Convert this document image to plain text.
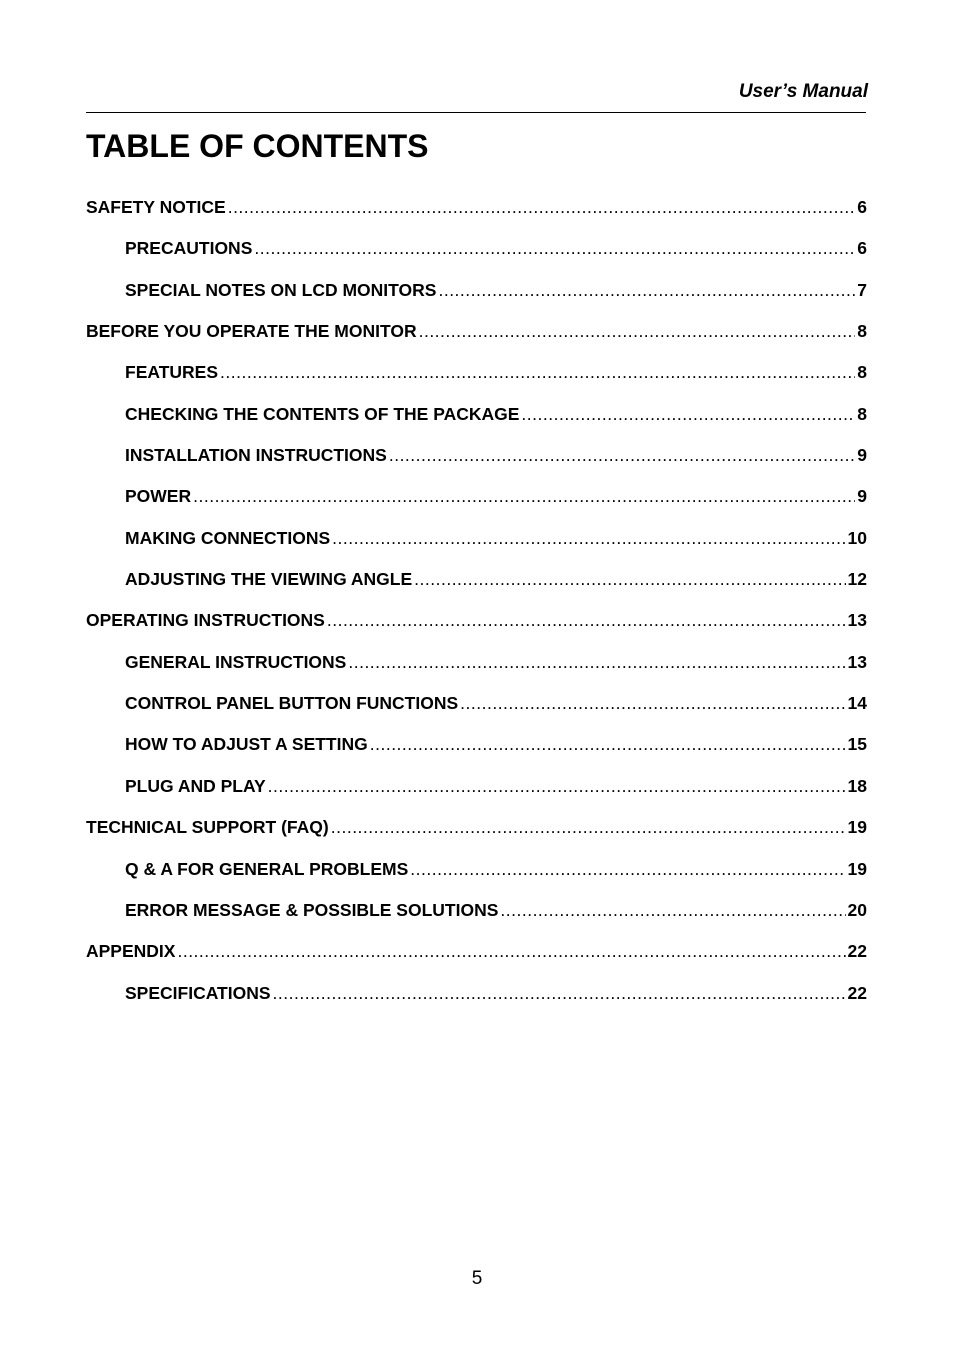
User’s Manual
TABLE OF CONTENTS
SAFETY NOTICE .....	6
PRECAUTIONS .....	6
SPECIAL NOTES ON LCD MONITORS .....	7
BEFORE YOU OPERATE THE MONITOR .....	8
FEATURES .....	8
CHECKING THE CONTENTS OF THE PACKAGE .....	8
INSTALLATION INSTRUCTIONS .....	9
POWER .....	9
MAKING CONNECTIONS .....	10
ADJUSTING THE VIEWING ANGLE .....	12
OPERATING INSTRUCTIONS .....	13
GENERAL INSTRUCTIONS .....	13
CONTROL PANEL BUTTON FUNCTIONS .....	14
HOW TO ADJUST A SETTING .....	15
PLUG AND PLAY .....	18
TECHNICAL SUPPORT (FAQ) .....	19
Q & A FOR GENERAL PROBLEMS .....	19
ERROR MESSAGE & POSSIBLE SOLUTIONS .....	20
APPENDIX .....	22
SPECIFICATIONS .....	22
5
